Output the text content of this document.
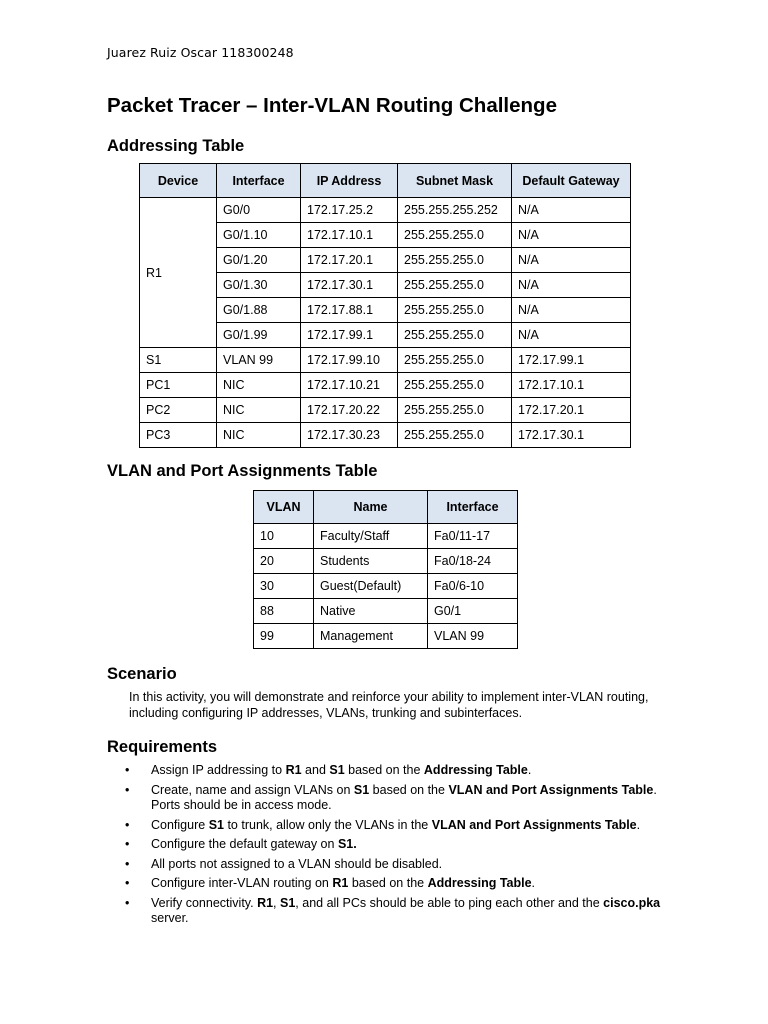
Juarez Ruiz Oscar 118300248
Packet Tracer – Inter-VLAN Routing Challenge
Addressing Table
Device	Interface	IP Address	Subnet Mask	Default Gateway
R1	G0/0	172.17.25.2	255.255.255.252	N/A
	G0/1.10	172.17.10.1	255.255.255.0	N/A
	G0/1.20	172.17.20.1	255.255.255.0	N/A
	G0/1.30	172.17.30.1	255.255.255.0	N/A
	G0/1.88	172.17.88.1	255.255.255.0	N/A
	G0/1.99	172.17.99.1	255.255.255.0	N/A
S1	VLAN 99	172.17.99.10	255.255.255.0	172.17.99.1
PC1	NIC	172.17.10.21	255.255.255.0	172.17.10.1
PC2	NIC	172.17.20.22	255.255.255.0	172.17.20.1
PC3	NIC	172.17.30.23	255.255.255.0	172.17.30.1
VLAN and Port Assignments Table
VLAN	Name	Interface
10	Faculty/Staff	Fa0/11-17
20	Students	Fa0/18-24
30	Guest(Default)	Fa0/6-10
88	Native	G0/1
99	Management	VLAN 99
Scenario

In this activity, you will demonstrate and reinforce your ability to implement inter-VLAN routing, including configuring IP addresses, VLANs, trunking and subinterfaces.

Requirements
• Assign IP addressing to R1 and S1 based on the Addressing Table.
• Create, name and assign VLANs on S1 based on the VLAN and Port Assignments Table. Ports should be in access mode.
• Configure S1 to trunk, allow only the VLANs in the VLAN and Port Assignments Table.
• Configure the default gateway on S1.
• All ports not assigned to a VLAN should be disabled.
• Configure inter-VLAN routing on R1 based on the Addressing Table.
• Verify connectivity. R1, S1, and all PCs should be able to ping each other and the cisco.pka server.
